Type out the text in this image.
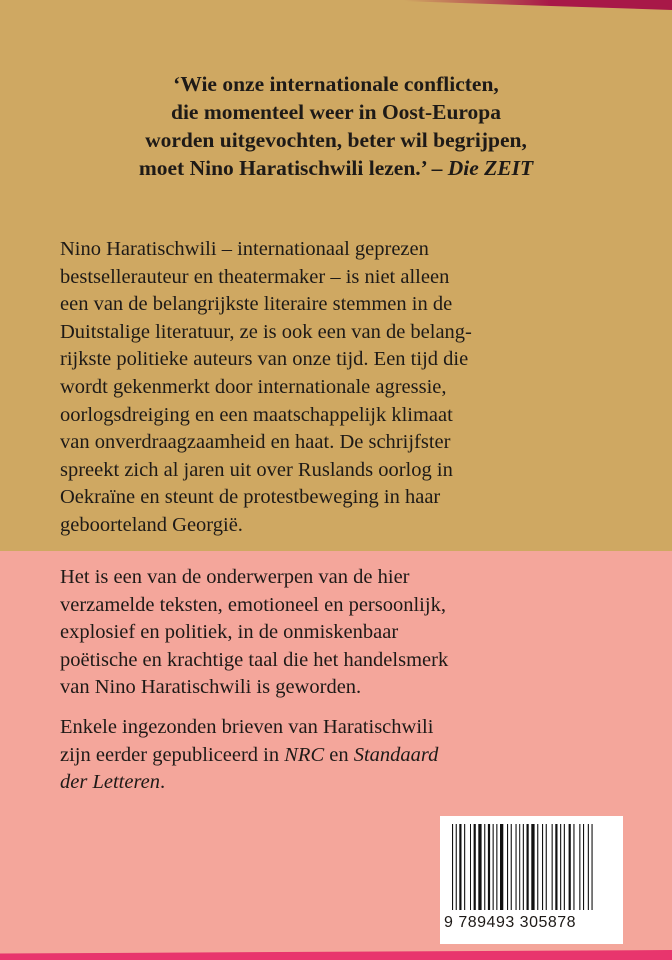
‘Wie onze internationale conflicten,
die momenteel weer in Oost-Europa
worden uitgevochten, beter wil begrijpen,
moet Nino Haratischwili lezen.’ – Die ZEIT

Nino Haratischwili – internationaal geprezen
bestsellerauteur en theatermaker – is niet alleen
een van de belangrijkste literaire stemmen in de
Duitstalige literatuur, ze is ook een van de belang-
rijkste politieke auteurs van onze tijd. Een tijd die
wordt gekenmerkt door internationale agressie,
oorlogsdreiging en een maatschappelijk klimaat
van onverdraagzaamheid en haat. De schrijfster
spreekt zich al jaren uit over Ruslands oorlog in
Oekraïne en steunt de protestbeweging in haar
geboorteland Georgië.

Het is een van de onderwerpen van de hier
verzamelde teksten, emotioneel en persoonlijk,
explosief en politiek, in de onmiskenbaar
poëtische en krachtige taal die het handelsmerk
van Nino Haratischwili is geworden.

Enkele ingezonden brieven van Haratischwili
zijn eerder gepubliceerd in NRC en Standaard
der Letteren.

9 789493 305878
